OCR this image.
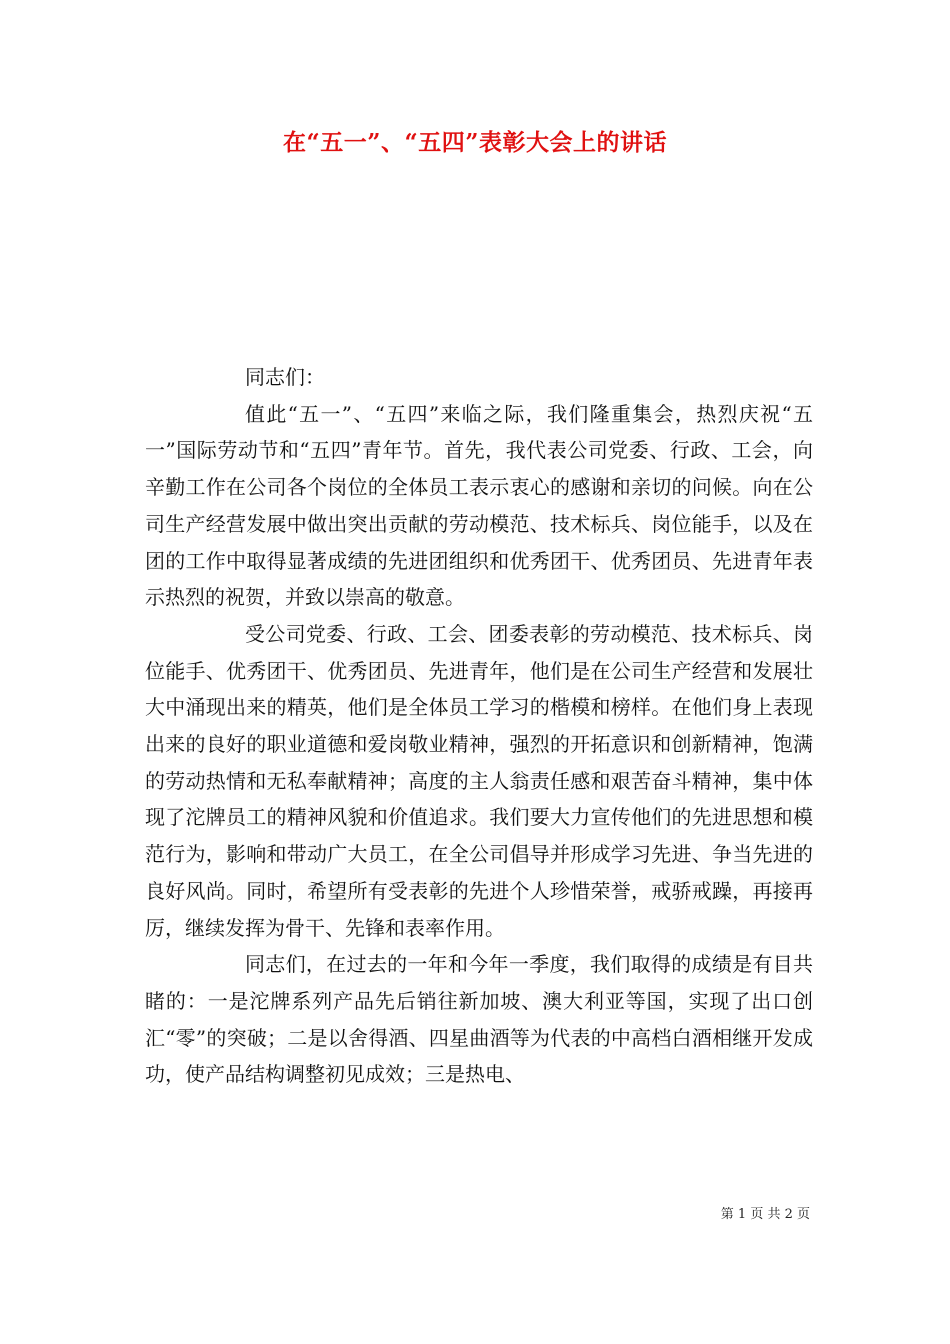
在“五一”、“五四”表彰大会上的讲话

同志们：

值此“五一”、“五四”来临之际，我们隆重集会，热烈庆祝“五一”国际劳动节和“五四”青年节。首先，我代表公司党委、行政、工会，向辛勤工作在公司各个岗位的全体员工表示衷心的感谢和亲切的问候。向在公司生产经营发展中做出突出贡献的劳动模范、技术标兵、岗位能手，以及在团的工作中取得显著成绩的先进团组织和优秀团干、优秀团员、先进青年表示热烈的祝贺，并致以崇高的敬意。

受公司党委、行政、工会、团委表彰的劳动模范、技术标兵、岗位能手、优秀团干、优秀团员、先进青年，他们是在公司生产经营和发展壮大中涌现出来的精英，他们是全体员工学习的楷模和榜样。在他们身上表现出来的良好的职业道德和爱岗敬业精神，强烈的开拓意识和创新精神，饱满的劳动热情和无私奉献精神；高度的主人翁责任感和艰苦奋斗精神，集中体现了沱牌员工的精神风貌和价值追求。我们要大力宣传他们的先进思想和模范行为，影响和带动广大员工，在全公司倡导并形成学习先进、争当先进的良好风尚。同时，希望所有受表彰的先进个人珍惜荣誉，戒骄戒躁，再接再厉，继续发挥为骨干、先锋和表率作用。

同志们，在过去的一年和今年一季度，我们取得的成绩是有目共睹的：一是沱牌系列产品先后销往新加坡、澳大利亚等国，实现了出口创汇“零”的突破；二是以舍得酒、四星曲酒等为代表的中高档白酒相继开发成功，使产品结构调整初见成效；三是热电、

第 1 页 共 2 页
